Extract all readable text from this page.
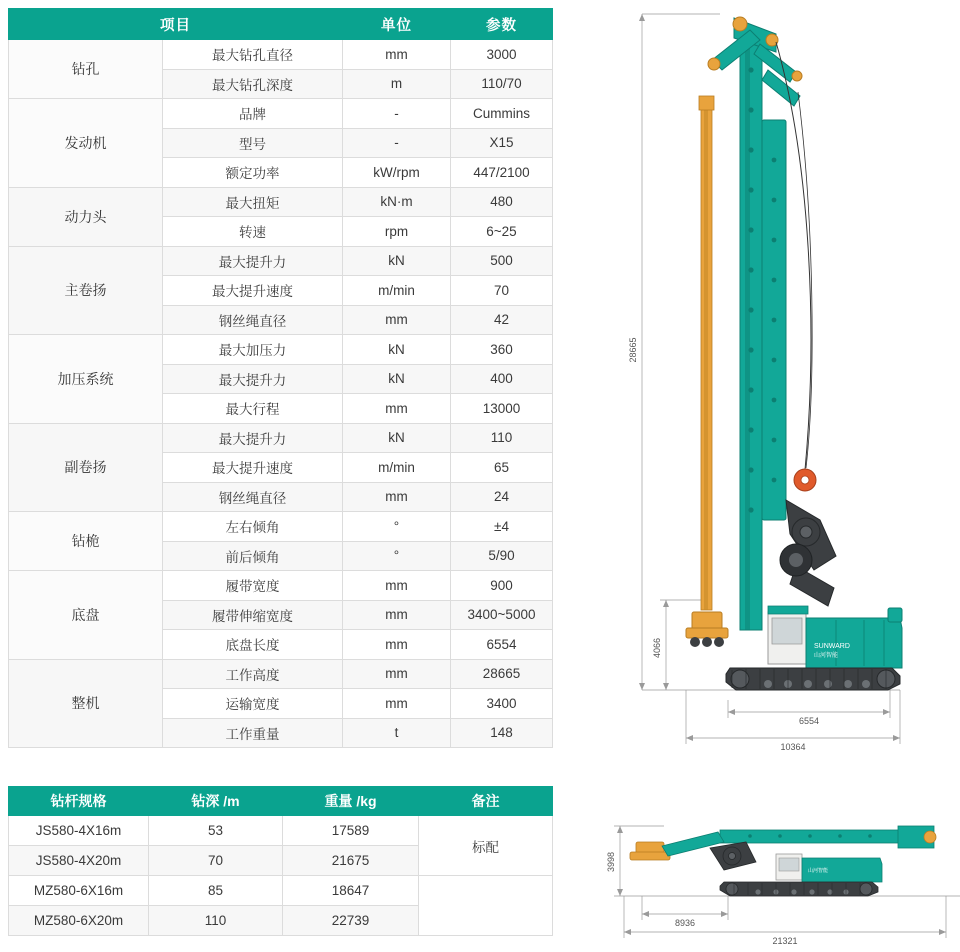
项目		单位	参数
钻孔	最大钻孔直径	mm	3000
	最大钻孔深度	m	110/70
发动机	品牌	-	Cummins
	型号	-	X15
	额定功率	kW/rpm	447/2100
动力头	最大扭矩	kN·m	480
	转速	rpm	6~25
主卷扬	最大提升力	kN	500
	最大提升速度	m/min	70
	钢丝绳直径	mm	42
加压系统	最大加压力	kN	360
	最大提升力	kN	400
	最大行程	mm	13000
副卷扬	最大提升力	kN	110
	最大提升速度	m/min	65
	钢丝绳直径	mm	24
钻桅	左右倾角	°	±4
	前后倾角	°	5/90
底盘	履带宽度	mm	900
	履带伸缩宽度	mm	3400~5000
	底盘长度	mm	6554
整机	工作高度	mm	28665
	运输宽度	mm	3400
	工作重量	t	148
钻杆规格	钻深 /m	重量 /kg	备注
JS580-4X16m	53	17589	标配
JS580-4X20m	70	21675	
MZ580-6X16m	85	18647	
MZ580-6X20m	110	22739	
28665
4066
6554
10364
SUNWARD
山河智能
3998
8936
21321
山河智能
